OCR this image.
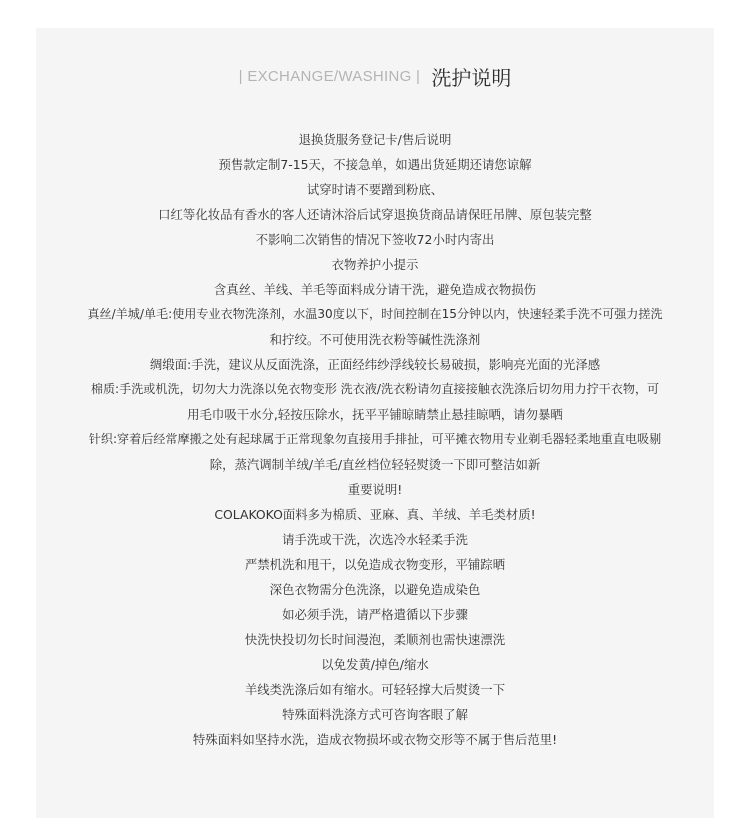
| EXCHANGE/WASHING | 洗护说明
退换货服务登记卡/售后说明
预售款定制7-15天，不接急单，如遇出货延期还请您谅解
试穿时请不要蹭到粉底、
口红等化妆品有香水的客人还请沐浴后试穿退换货商品请保旺吊牌、原包装完整
不影响二次销售的情况下签收72小时内寄出
衣物养护小提示
含真丝、羊线、羊毛等面料成分请干洗，避免造成衣物损伤
真丝/羊城/单毛:使用专业衣物洗涤剂，水温30度以下，时间控制在15分钟以内，快速轻柔手洗不可强力搓洗
和拧绞。不可使用洗衣粉等碱性洗涤剂
绸缎面:手洗，建议从反面洗涤，正面经纬纱浮线较长易破损，影响亮光面的光泽感
棉质:手洗或机洗，切勿大力洗涤以免衣物变形 洗衣液/洗衣粉请勿直接接触衣洗涤后切勿用力拧干衣物，可
用毛巾吸干水分,轻按压除水，抚平平铺晾睛禁止悬挂晾哂，请勿暴晒
针织:穿着后经常摩搬之处有起球属于正常现象勿直接用手排扯，可平摊衣物用专业剃毛器轻柔地重直电吸剔
除，蒸汽调制羊绒/羊毛/直丝档位轻轻熨烫一下即可整洁如新
重要说明!
COLAKOKO面料多为棉质、亚麻、真、羊绒、羊毛类材质!
请手洗或干洗，次选冷水轻柔手洗
严禁机洗和甩干，以免造成衣物变形，平铺踪晒
深色衣物需分色洗涤，以避免造成染色
如必须手洗，请严格遣循以下步骤
快洗快投切勿长时间漫泡，柔顺剂也需快速漂洗
以免发黄/掉色/缩水
羊线类洗涤后如有缩水。可轻轻撑大后熨烫一下
特殊面料洗涤方式可咨询客眼了解
特殊面料如坚持水洗，造成衣物损坏或衣物交形等不属于售后范里!
